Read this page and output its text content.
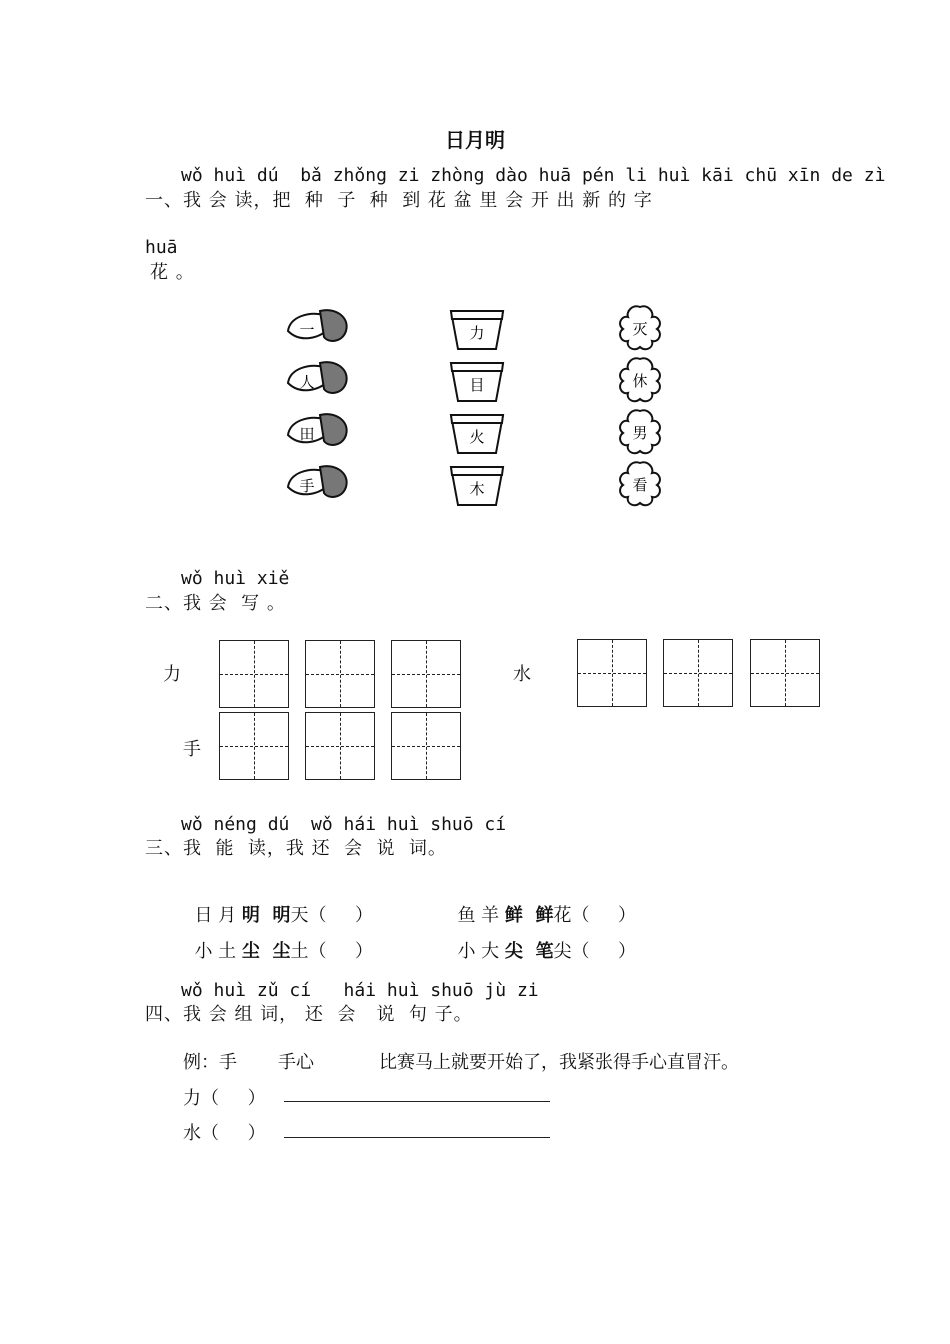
日月明
wǒ huì dú  bǎ zhǒng zi zhòng dào huā pén li huì kāi chū xīn de zì
一、我 会 读，把  种  子  种  到 花 盆 里 会 开 出 新 的 字
huā
花 。
一
人
田
手
力
目
火
木
灭
休
男
看
wǒ huì xiě
二、我 会  写 。
力	水
手
wǒ néng dú  wǒ hái huì shuō cí
三、我  能  读，我 还  会  说  词。

日 月 明  明天（     ）	鱼 羊 鲜  鲜花（     ）

小 土 尘  尘土（     ）	小 大 尖  笔尖（     ）

wǒ huì zǔ cí   hái huì shuō jù zi
四、我 会 组 词， 还  会   说  句 子。
例：手 手心	比赛马上就要开始了，我紧张得手心直冒汗。
力（     ）
水（     ）
